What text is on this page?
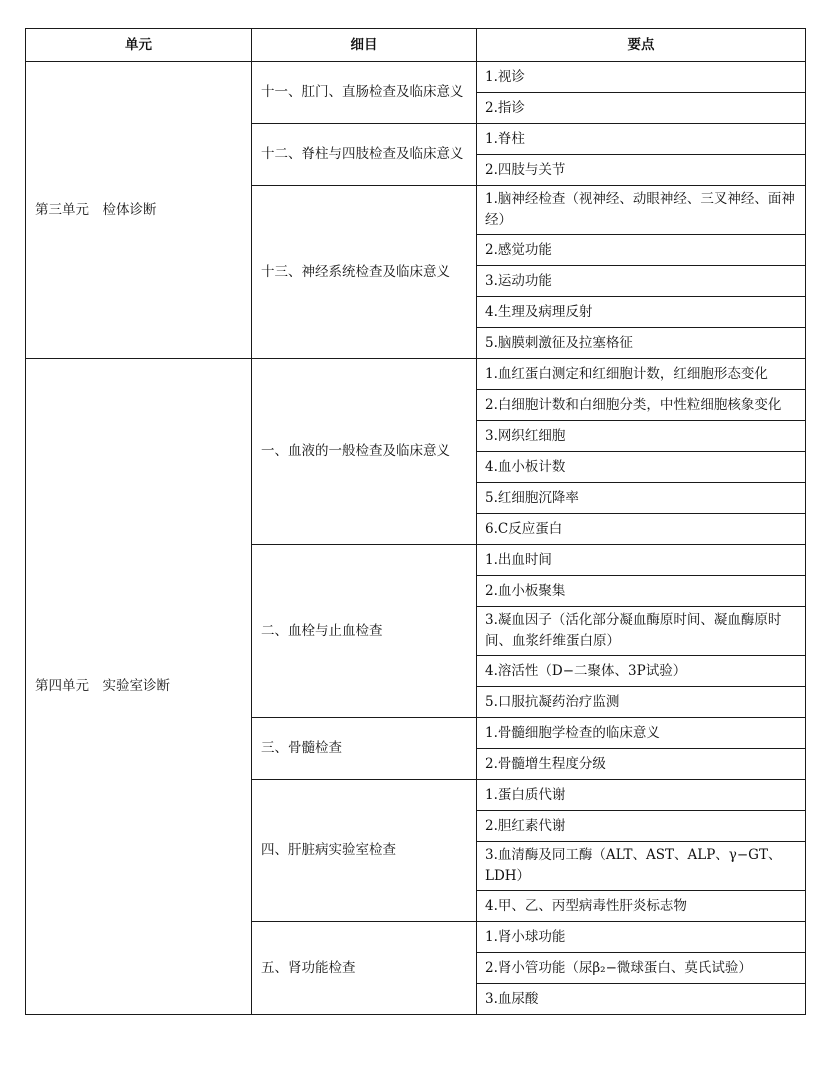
单元	细目	要点
第三单元　检体诊断	十一、肛门、直肠检查及临床意义	1.视诊
		2.指诊
	十二、脊柱与四肢检查及临床意义	1.脊柱
		2.四肢与关节
	十三、神经系统检查及临床意义	1.脑神经检查（视神经、动眼神经、三叉神经、面神经）
		2.感觉功能
		3.运动功能
		4.生理及病理反射
		5.脑膜刺激征及拉塞格征
第四单元　实验室诊断	一、血液的一般检查及临床意义	1.血红蛋白测定和红细胞计数，红细胞形态变化
		2.白细胞计数和白细胞分类，中性粒细胞核象变化
		3.网织红细胞
		4.血小板计数
		5.红细胞沉降率
		6.C反应蛋白
	二、血栓与止血检查	1.出血时间
		2.血小板聚集
		3.凝血因子（活化部分凝血酶原时间、凝血酶原时间、血浆纤维蛋白原）
		4.溶活性（D−二聚体、3P试验）
		5.口服抗凝药治疗监测
	三、骨髓检查	1.骨髓细胞学检查的临床意义
		2.骨髓增生程度分级
	四、肝脏病实验室检查	1.蛋白质代谢
		2.胆红素代谢
		3.血清酶及同工酶（ALT、AST、ALP、γ−GT、LDH）
		4.甲、乙、丙型病毒性肝炎标志物
	五、肾功能检查	1.肾小球功能
		2.肾小管功能（尿β₂−微球蛋白、莫氏试验）
		3.血尿酸
